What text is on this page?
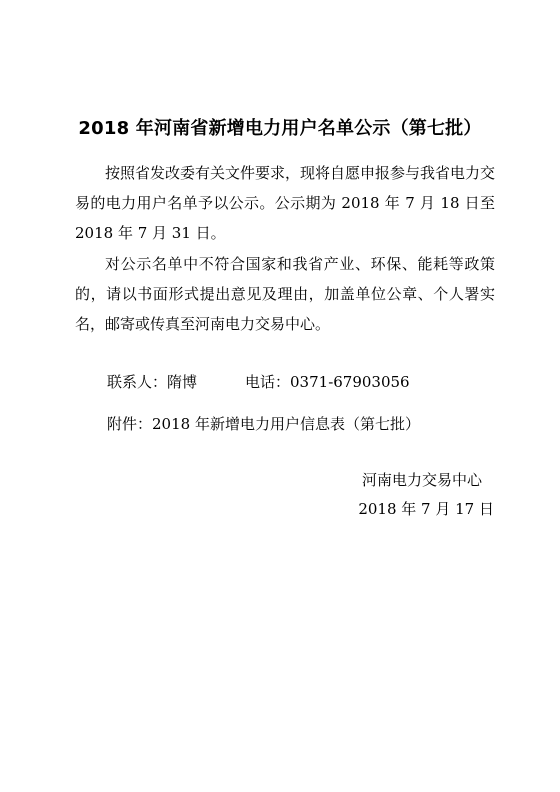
2018 年河南省新增电力用户名单公示（第七批）

按照省发改委有关文件要求，现将自愿申报参与我省电力交易的电力用户名单予以公示。公示期为 2018 年 7 月 18 日至 2018 年 7 月 31 日。

对公示名单中不符合国家和我省产业、环保、能耗等政策的，请以书面形式提出意见及理由，加盖单位公章、个人署实名，邮寄或传真至河南电力交易中心。

联系人：隋博	电话：0371-67903056
附件：2018 年新增电力用户信息表（第七批）
河南电力交易中心
2018 年 7 月 17 日
